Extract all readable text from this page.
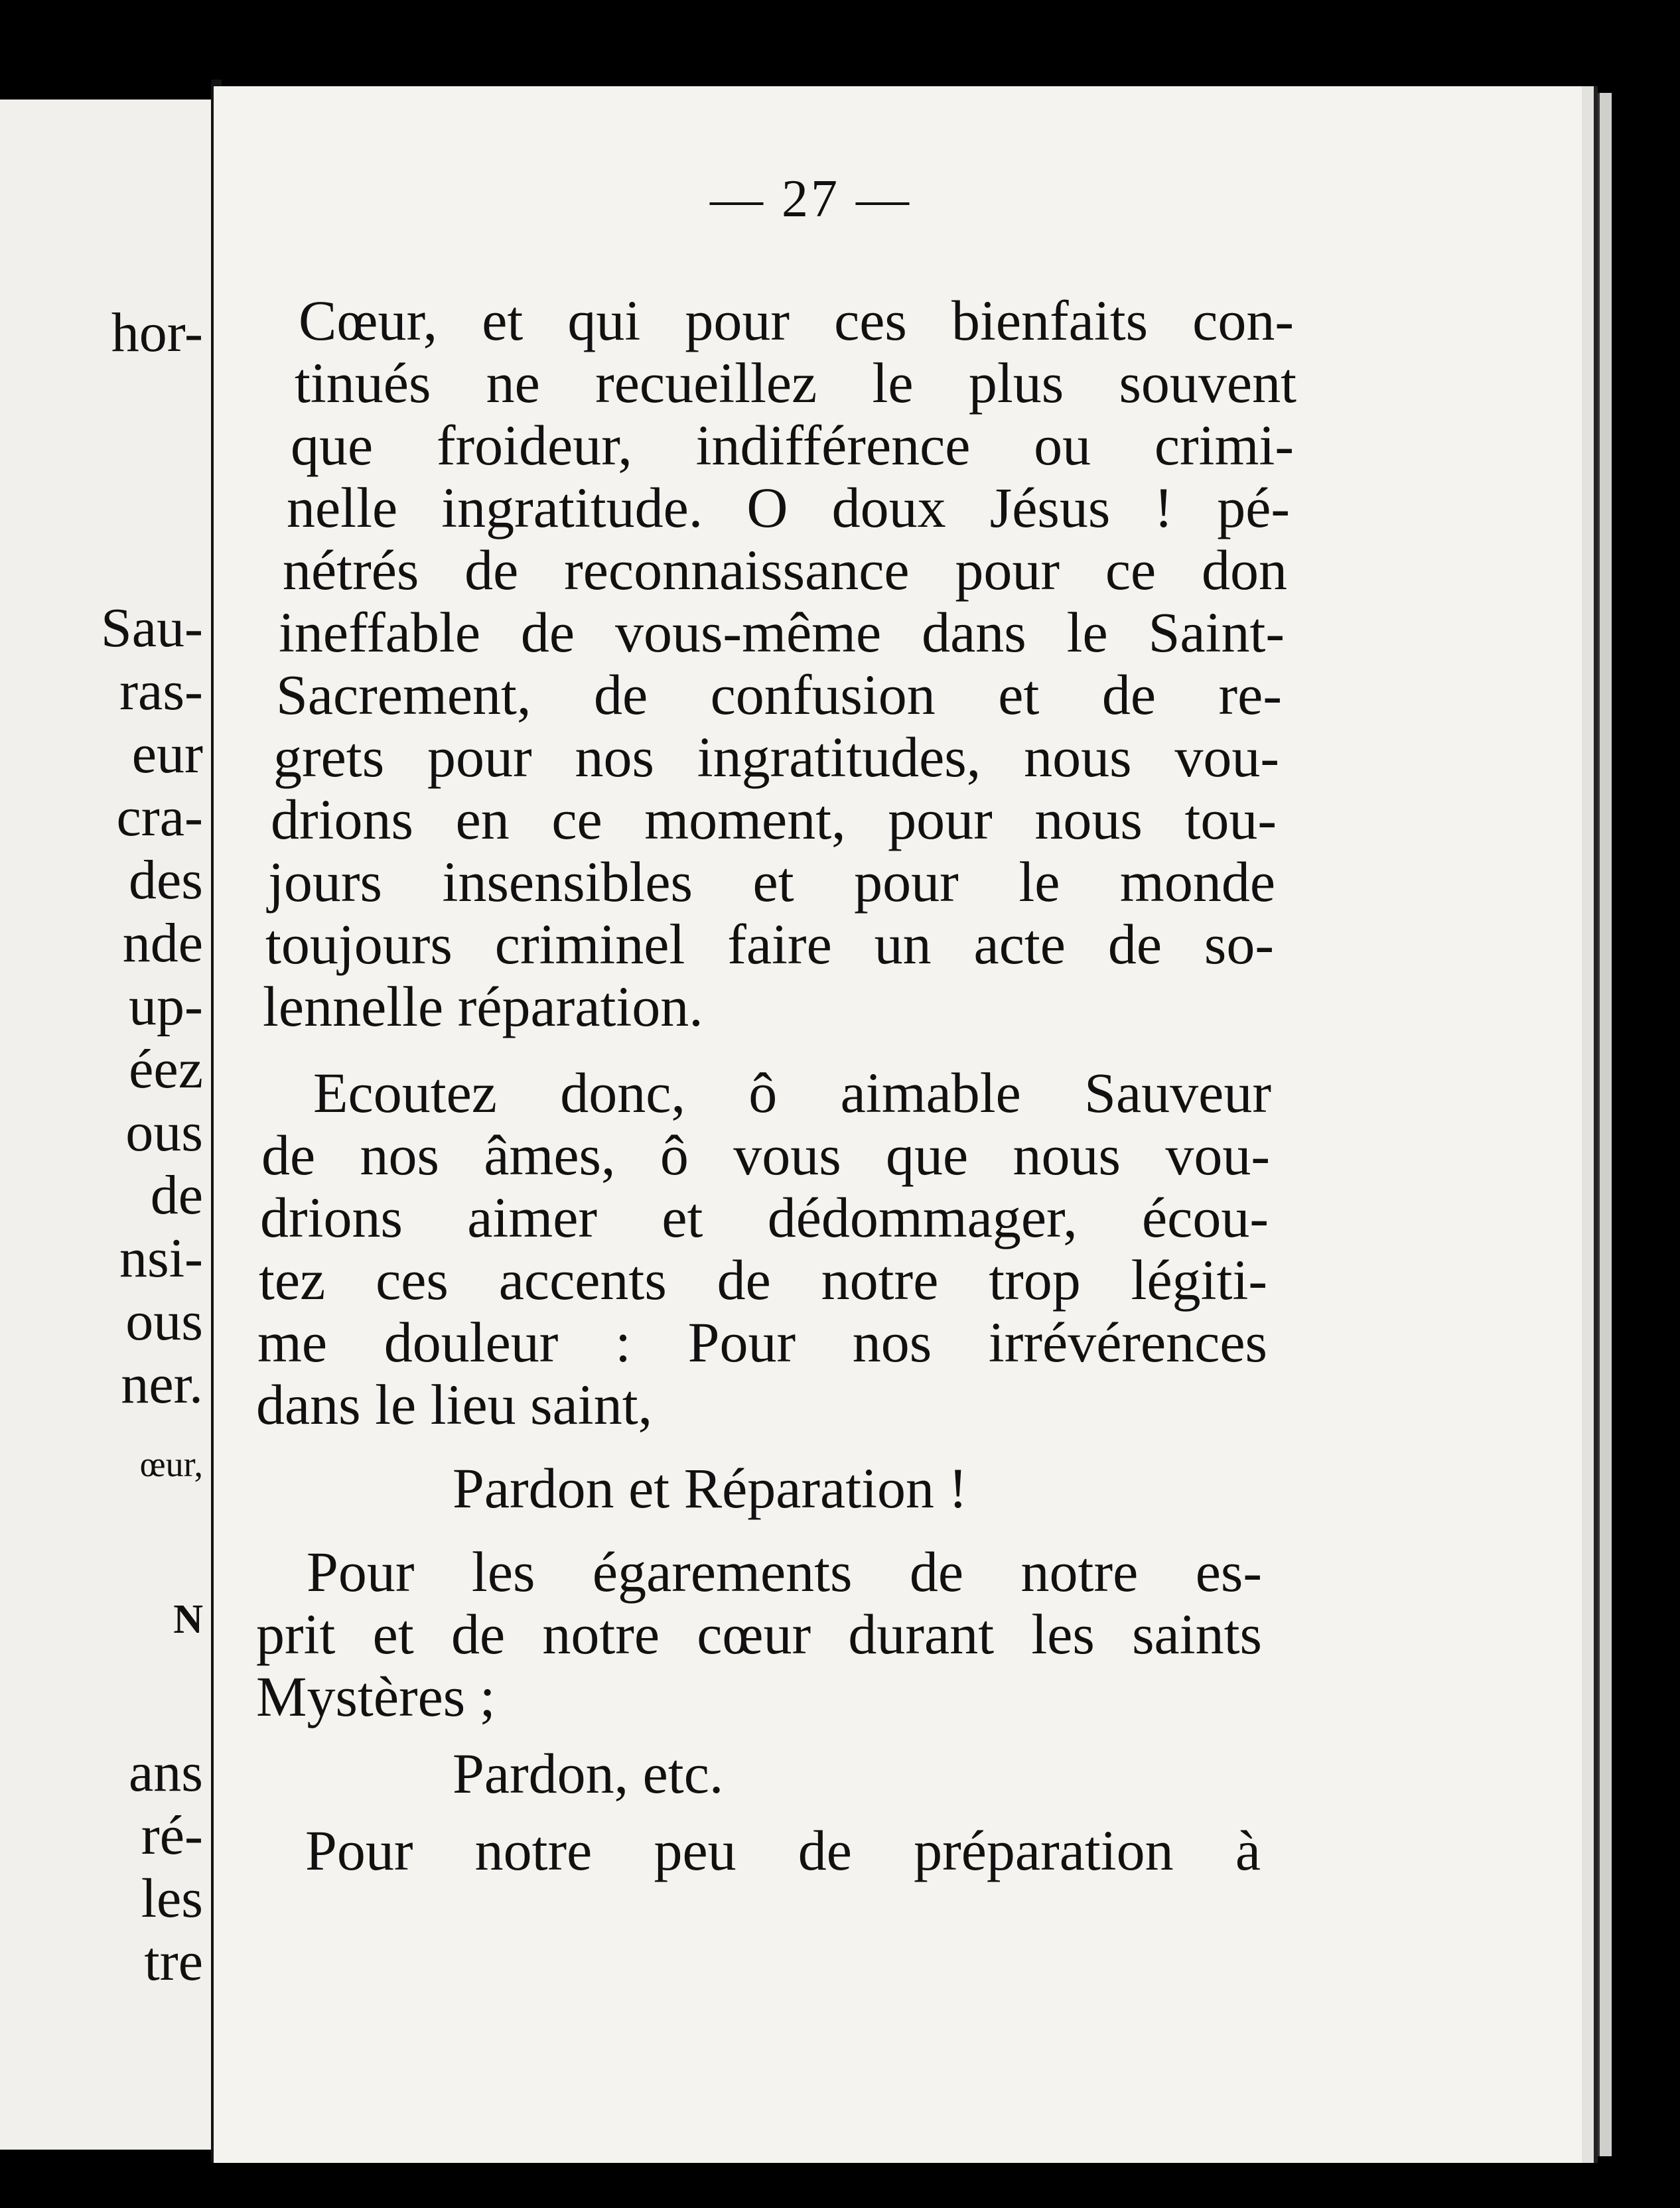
hor-
Sau-
ras-
eur
cra-
des
nde
up-
éez
ous
de
nsi-
ous
ner.
œur,
N
ans
ré-
les
tre
— 27 —
Cœur, et qui pour ces bienfaits con-
tinués ne recueillez le plus souvent
que froideur, indifférence ou crimi-
nelle ingratitude. O doux Jésus ! pé-
nétrés de reconnaissance pour ce don
ineffable de vous-même dans le Saint-
Sacrement, de confusion et de re-
grets pour nos ingratitudes, nous vou-
drions en ce moment, pour nous tou-
jours insensibles et pour le monde
toujours criminel faire un acte de so-
lennelle réparation.
Ecoutez donc, ô aimable Sauveur
de nos âmes, ô vous que nous vou-
drions aimer et dédommager, écou-
tez ces accents de notre trop légiti-
me douleur : Pour nos irrévérences
dans le lieu saint,
Pardon et Réparation !
Pour les égarements de notre es-
prit et de notre cœur durant les saints
Mystères ;
Pardon, etc.
Pour notre peu de préparation à
